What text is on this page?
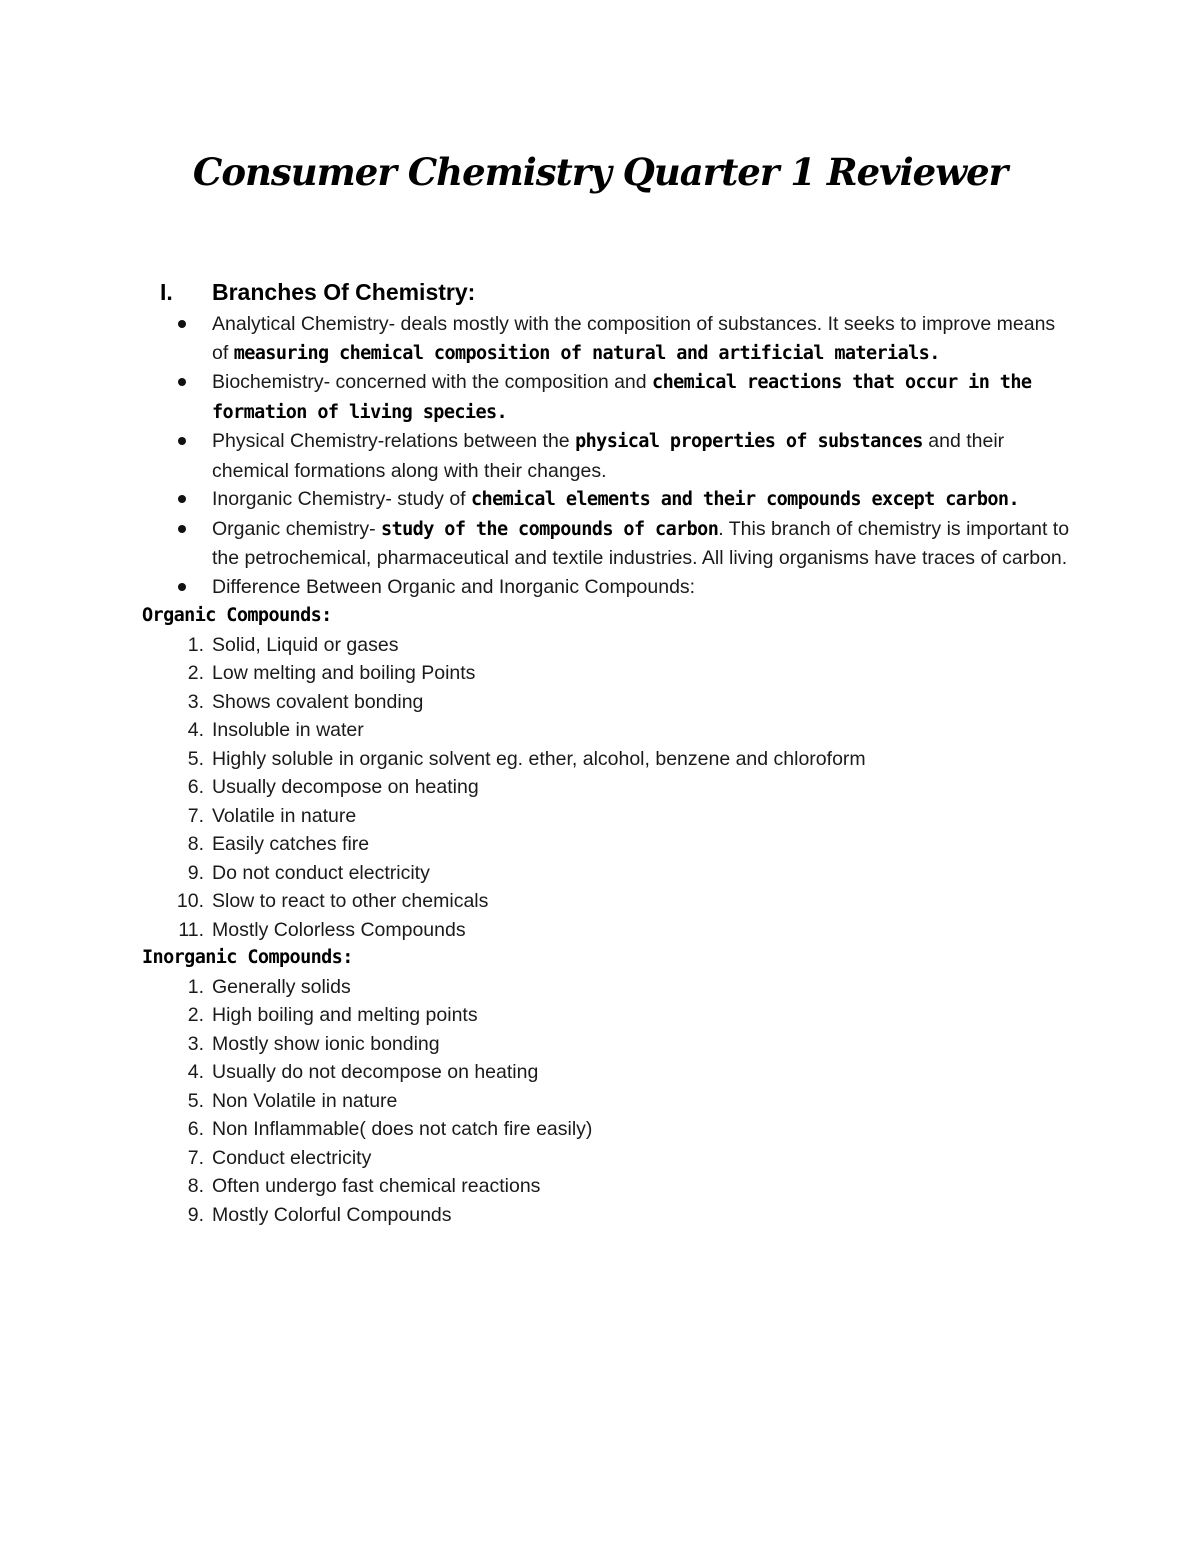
Consumer Chemistry Quarter 1 Reviewer
I. Branches Of Chemistry:
Analytical Chemistry- deals mostly with the composition of substances. It seeks to improve means of measuring chemical composition of natural and artificial materials.
Biochemistry- concerned with the composition and chemical reactions that occur in the formation of living species.
Physical Chemistry-relations between the physical properties of substances and their chemical formations along with their changes.
Inorganic Chemistry- study of chemical elements and their compounds except carbon.
Organic chemistry- study of the compounds of carbon. This branch of chemistry is important to the petrochemical, pharmaceutical and textile industries. All living organisms have traces of carbon.
Difference Between Organic and Inorganic Compounds:
Organic Compounds:
1. Solid, Liquid or gases
2. Low melting and boiling Points
3. Shows covalent bonding
4. Insoluble in water
5. Highly soluble in organic solvent eg. ether, alcohol, benzene and chloroform
6. Usually decompose on heating
7. Volatile in nature
8. Easily catches fire
9. Do not conduct electricity
10. Slow to react to other chemicals
11. Mostly Colorless Compounds
Inorganic Compounds:
1. Generally solids
2. High boiling and melting points
3. Mostly show ionic bonding
4. Usually do not decompose on heating
5. Non Volatile in nature
6. Non Inflammable( does not catch fire easily)
7. Conduct electricity
8. Often undergo fast chemical reactions
9. Mostly Colorful Compounds
